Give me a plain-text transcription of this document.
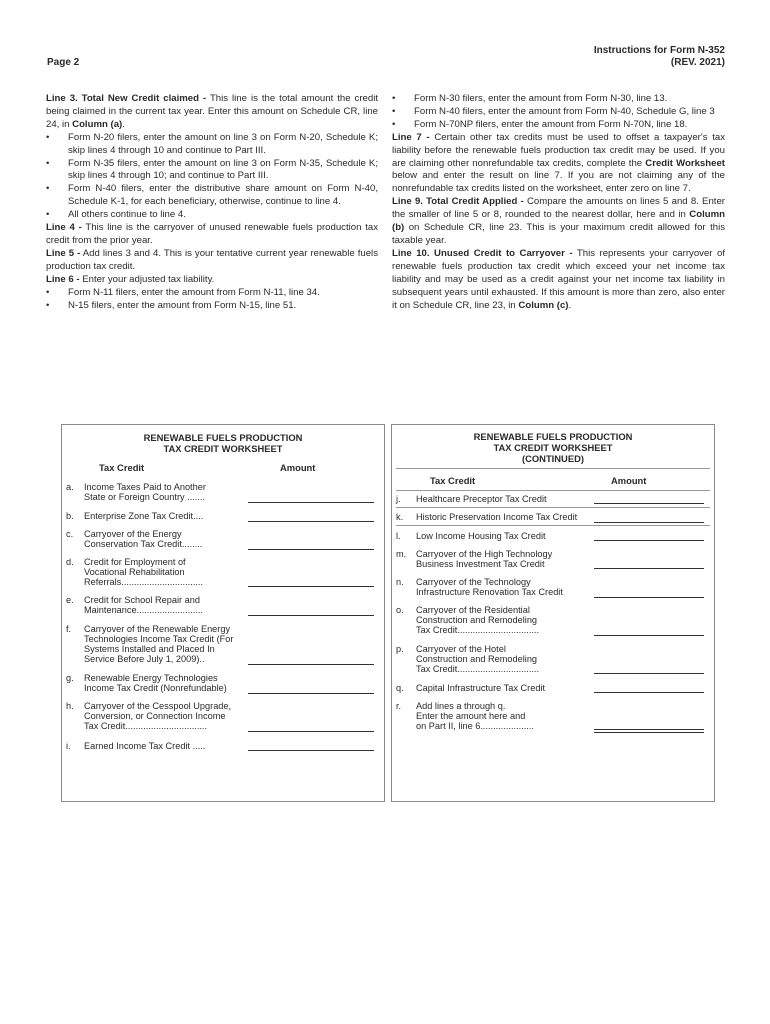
Page 2
Instructions for Form N-352
(REV. 2021)

Line 3. Total New Credit claimed - This line is the total amount the credit being claimed in the current tax year. Enter this amount on Schedule CR, line 24, in Column (a).

• Form N-20 filers, enter the amount on line 3 on Form N-20, Schedule K; skip lines 4 through 10 and continue to Part III.
• Form N-35 filers, enter the amount on line 3 on Form N-35, Schedule K; skip lines 4 through 10; and continue to Part III.
• Form N-40 filers, enter the distributive share amount on Form N-40, Schedule K-1, for each beneficiary, otherwise, continue to line 4.
• All others continue to line 4.

Line 4 - This line is the carryover of unused renewable fuels production tax credit from the prior year.

Line 5 - Add lines 3 and 4. This is your tentative current year renewable fuels production tax credit.

Line 6 - Enter your adjusted tax liability.

• Form N-11 filers, enter the amount from Form N-11, line 34.
• N-15 filers, enter the amount from Form N-15, line 51.
• Form N-30 filers, enter the amount from Form N-30, line 13.
• Form N-40 filers, enter the amount from Form N-40, Schedule G, line 3
• Form N-70NP filers, enter the amount from Form N-70N, line 18.

Line 7 - Certain other tax credits must be used to offset a taxpayer's tax liability before the renewable fuels production tax credit may be used. If you are claiming other nonrefundable tax credits, complete the Credit Worksheet below and enter the result on line 7. If you are not claiming any of the nonrefundable tax credits listed on the worksheet, enter zero on line 7.

Line 9. Total Credit Applied - Compare the amounts on lines 5 and 8. Enter the smaller of line 5 or 8, rounded to the nearest dollar, here and in Column (b) on Schedule CR, line 23. This is your maximum credit allowed for this taxable year.

Line 10. Unused Credit to Carryover - This represents your carryover of renewable fuels production tax credit which exceed your net income tax liability and may be used as a credit against your net income tax liability in subsequent years until exhausted. If this amount is more than zero, also enter it on Schedule CR, line 23, in Column (c).

RENEWABLE FUELS PRODUCTION
TAX CREDIT WORKSHEET
Tax Credit	Amount
a. Income Taxes Paid to Another
State or Foreign Country .......
b. Enterprise Zone Tax Credit....
c. Carryover of the Energy
Conservation Tax Credit........
d. Credit for Employment of
Vocational Rehabilitation
Referrals................................
e. Credit for School Repair and
Maintenance..........................
f. Carryover of the Renewable Energy
Technologies Income Tax Credit (For
Systems Installed and Placed In
Service Before July 1, 2009)..
g. Renewable Energy Technologies
Income Tax Credit (Nonrefundable)
h. Carryover of the Cesspool Upgrade,
Conversion, or Connection Income
Tax Credit................................
i. Earned Income Tax Credit .....
RENEWABLE FUELS PRODUCTION
TAX CREDIT WORKSHEET
(CONTINUED)
Tax Credit	Amount
j. Healthcare Preceptor Tax Credit
k. Historic Preservation Income Tax Credit
l. Low Income Housing Tax Credit
m. Carryover of the High Technology
Business Investment Tax Credit
n. Carryover of the Technology
Infrastructure Renovation Tax Credit
o. Carryover of the Residential
Construction and Remodeling
Tax Credit................................
p. Carryover of the Hotel
Construction and Remodeling
Tax Credit................................
q. Capital Infrastructure Tax Credit
r. Add lines a through q.
Enter the amount here and
on Part II, line 6.....................
